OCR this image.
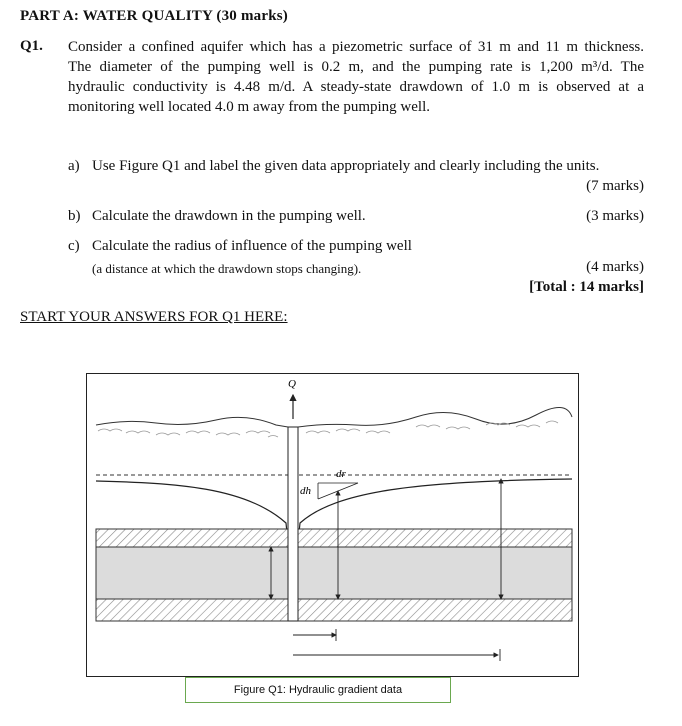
PART A: WATER QUALITY (30 marks)
Q1. Consider a confined aquifer which has a piezometric surface of 31 m and 11 m thickness.
The diameter of the pumping well is 0.2 m, and the pumping rate is 1,200 m³/d. The
hydraulic conductivity is 4.48 m/d. A steady-state drawdown of 1.0 m is observed at a
monitoring well located 4.0 m away from the pumping well.
a) Use Figure Q1 and label the given data appropriately and clearly including the units.
(7 marks)
b) Calculate the drawdown in the pumping well.	(3 marks)
c) Calculate the radius of influence of the pumping well
(a distance at which the drawdown stops changing).	(4 marks)
[Total : 14 marks]
START YOUR ANSWERS FOR Q1 HERE:
dr
dh
Q
Figure Q1: Hydraulic gradient data
